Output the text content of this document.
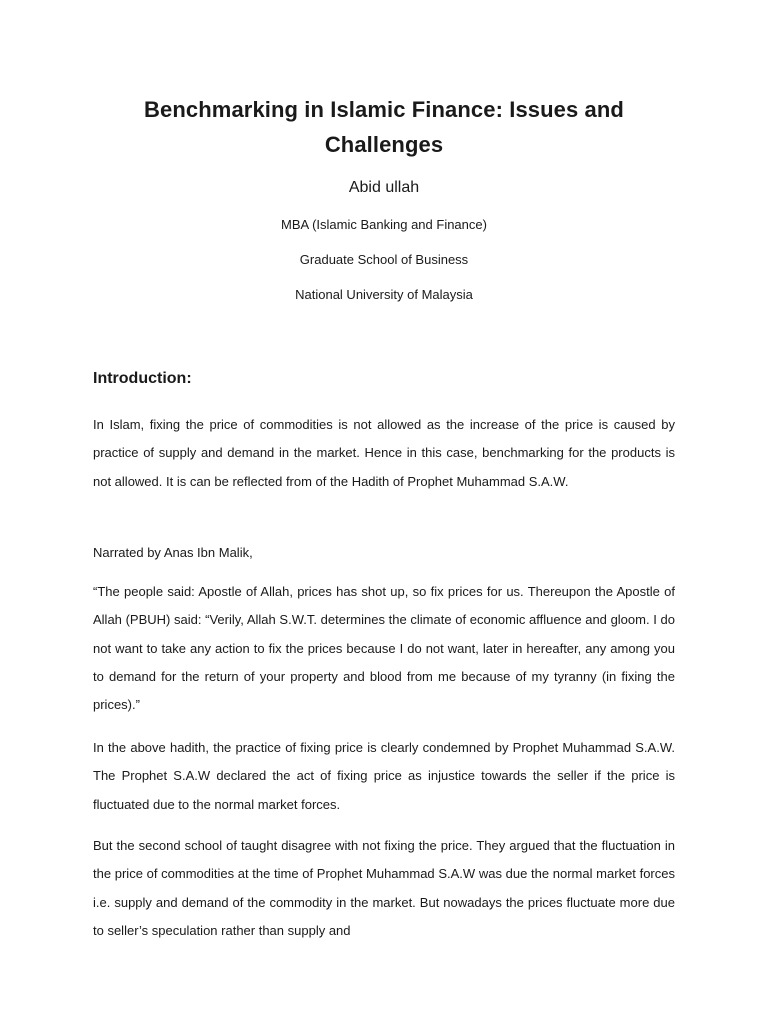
Benchmarking in Islamic Finance: Issues and Challenges
Abid ullah
MBA (Islamic Banking and Finance)
Graduate School of Business
National University of Malaysia
Introduction:

In Islam, fixing the price of commodities is not allowed as the increase of the price is caused by practice of supply and demand in the market. Hence in this case, benchmarking for the products is not allowed. It is can be reflected from of the Hadith of Prophet Muhammad S.A.W.

Narrated by Anas Ibn Malik,

“The people said: Apostle of Allah, prices has shot up, so fix prices for us. Thereupon the Apostle of Allah (PBUH) said: “Verily, Allah S.W.T. determines the climate of economic affluence and gloom. I do not want to take any action to fix the prices because I do not want, later in hereafter, any among you to demand for the return of your property and blood from me because of my tyranny (in fixing the prices).”

In the above hadith, the practice of fixing price is clearly condemned by Prophet Muhammad S.A.W. The Prophet S.A.W declared the act of fixing price as injustice towards the seller if the price is fluctuated due to the normal market forces.

But the second school of taught disagree with not fixing the price. They argued that the fluctuation in the price of commodities at the time of Prophet Muhammad S.A.W was due the normal market forces i.e. supply and demand of the commodity in the market. But nowadays the prices fluctuate more due to seller’s speculation rather than supply and
